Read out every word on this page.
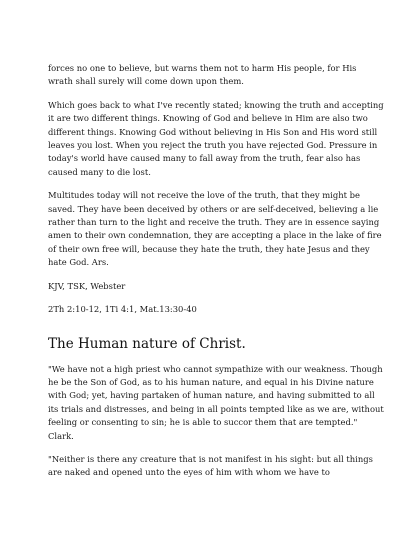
forces no one to believe, but warns them not to harm His people, for His wrath shall surely will come down upon them.

Which goes back to what I've recently stated; knowing the truth and accepting it are two different things. Knowing of God and believe in Him are also two different things. Knowing God without believing in His Son and His word still leaves you lost. When you reject the truth you have rejected God. Pressure in today's world have caused many to fall away from the truth, fear also has caused many to die lost.

Multitudes today will not receive the love of the truth, that they might be saved. They have been deceived by others or are self-deceived, believing a lie rather than turn to the light and receive the truth. They are in essence saying amen to their own condemnation, they are accepting a place in the lake of fire of their own free will, because they hate the truth, they hate Jesus and they hate God. Ars.

KJV, TSK, Webster
2Th 2:10-12, 1Ti 4:1, Mat.13:30-40
The Human nature of Christ.

"We have not a high priest who cannot sympathize with our weakness. Though he be the Son of God, as to his human nature, and equal in his Divine nature with God; yet, having partaken of human nature, and having submitted to all its trials and distresses, and being in all points tempted like as we are, without feeling or consenting to sin; he is able to succor them that are tempted." Clark.

"Neither is there any creature that is not manifest in his sight: but all things are naked and opened unto the eyes of him with whom we have to
